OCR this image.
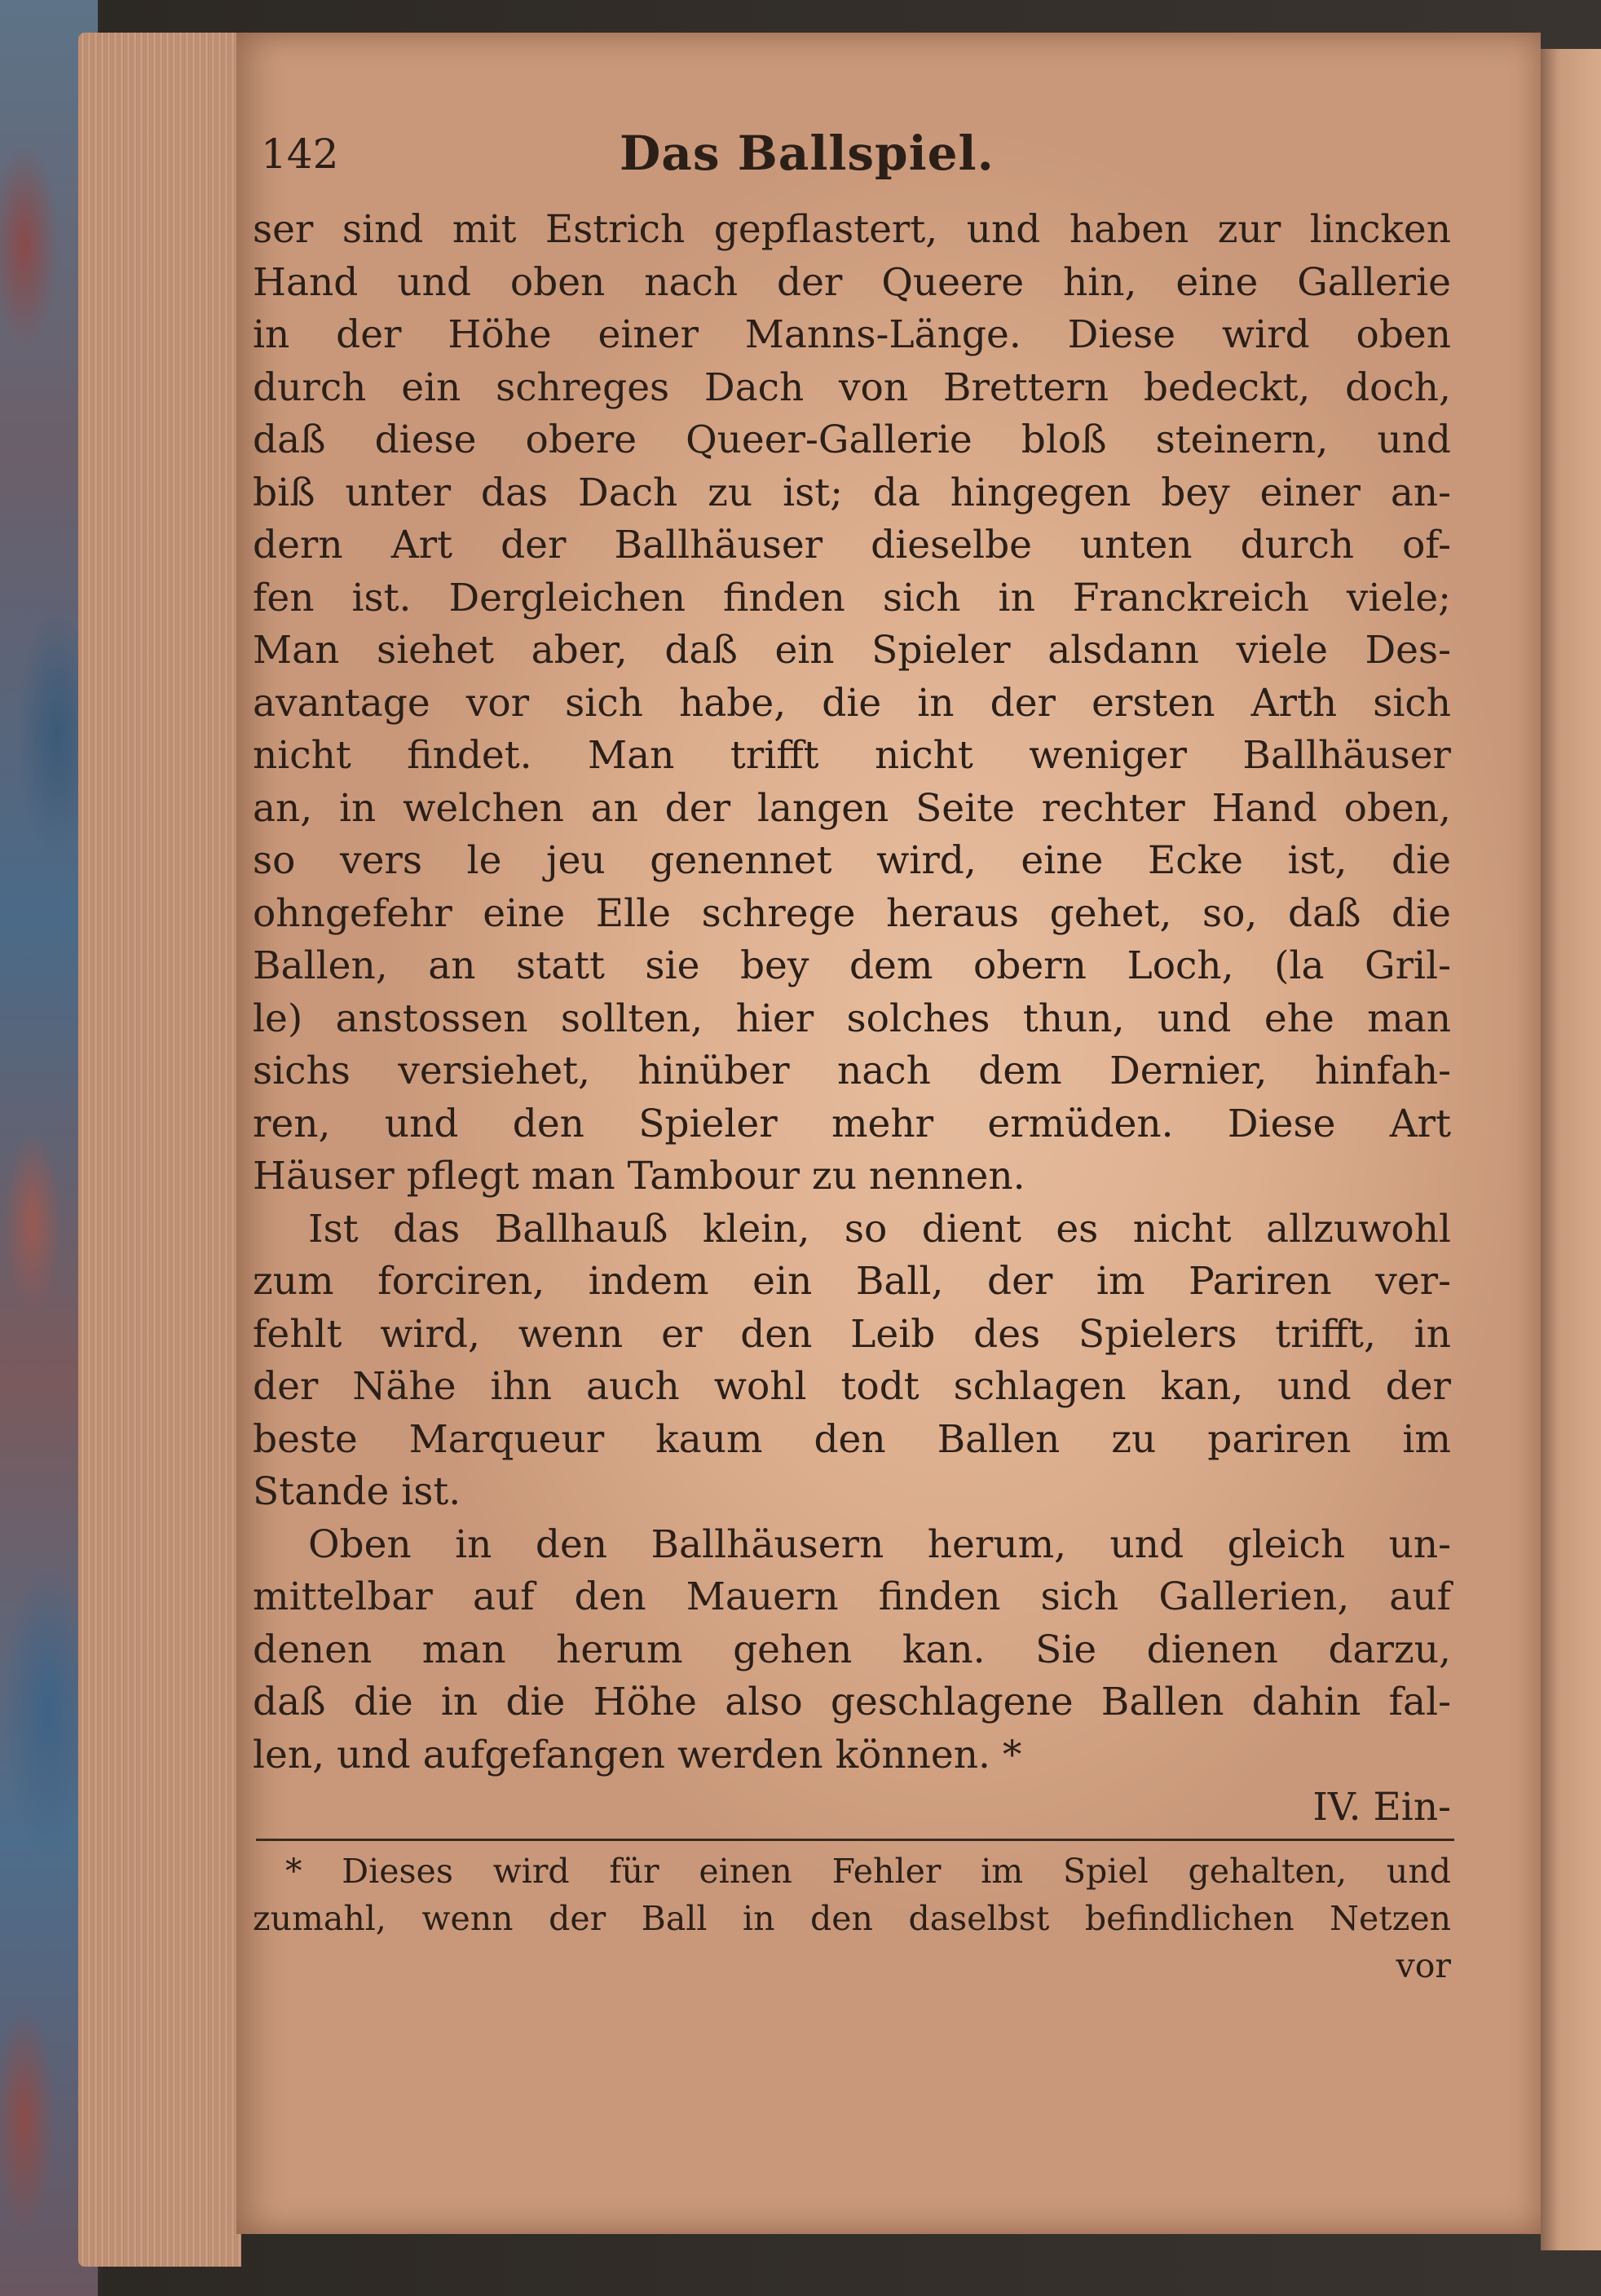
142	Das Ballspiel.
ser sind mit Estrich gepflastert, und haben zur lincken
Hand und oben nach der Queere hin, eine Gallerie
in der Höhe einer Manns-Länge. Diese wird oben
durch ein schreges Dach von Brettern bedeckt, doch,
daß diese obere Queer-Gallerie bloß steinern, und
biß unter das Dach zu ist; da hingegen bey einer an-
dern Art der Ballhäuser dieselbe unten durch of-
fen ist. Dergleichen finden sich in Franckreich viele;
Man siehet aber, daß ein Spieler alsdann viele Des-
avantage vor sich habe, die in der ersten Arth sich
nicht findet. Man trifft nicht weniger Ballhäuser
an, in welchen an der langen Seite rechter Hand oben,
so vers le jeu genennet wird, eine Ecke ist, die
ohngefehr eine Elle schrege heraus gehet, so, daß die
Ballen, an statt sie bey dem obern Loch, (la Gril-
le) anstossen sollten, hier solches thun, und ehe man
sichs versiehet, hinüber nach dem Dernier, hinfah-
ren, und den Spieler mehr ermüden. Diese Art
Häuser pflegt man Tambour zu nennen.
Ist das Ballhauß klein, so dient es nicht allzuwohl
zum forciren, indem ein Ball, der im Pariren ver-
fehlt wird, wenn er den Leib des Spielers trifft, in
der Nähe ihn auch wohl todt schlagen kan, und der
beste Marqueur kaum den Ballen zu pariren im
Stande ist.
Oben in den Ballhäusern herum, und gleich un-
mittelbar auf den Mauern finden sich Gallerien, auf
denen man herum gehen kan. Sie dienen darzu,
daß die in die Höhe also geschlagene Ballen dahin fal-
len, und aufgefangen werden können. *
IV. Ein-
* Dieses wird für einen Fehler im Spiel gehalten, und
zumahl, wenn der Ball in den daselbst befindlichen Netzen
vor
